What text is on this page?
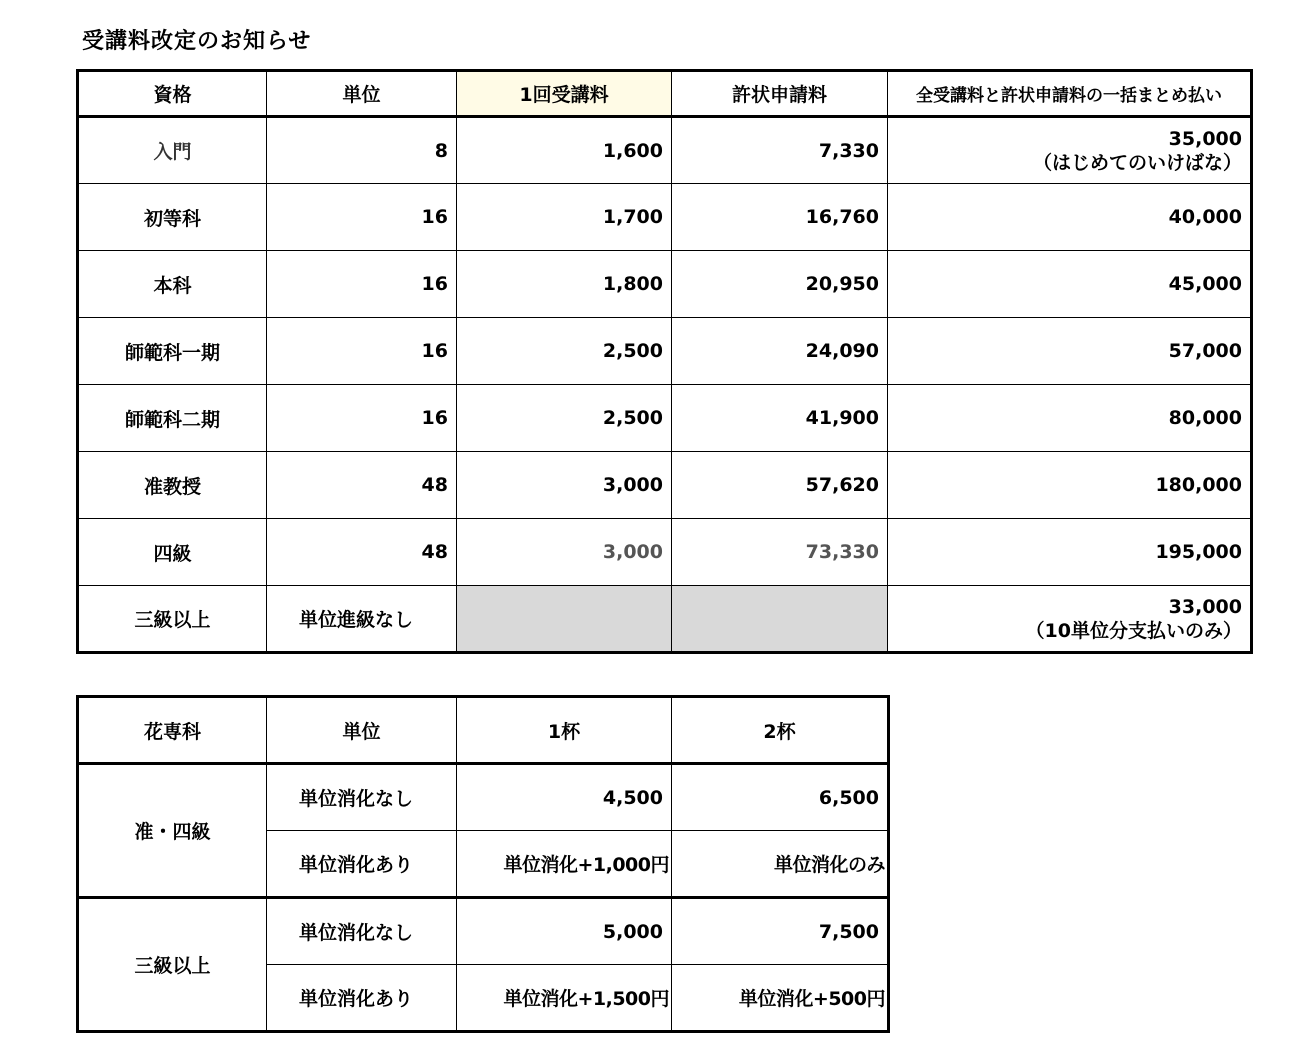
受講料改定のお知らせ
資格	単位	1回受講料	許状申請料	全受講料と許状申請料の一括まとめ払い
入門	8	1,600	7,330	35,000
（はじめてのいけばな）

初等科	16	1,700	16,760	40,000
本科	16	1,800	20,950	45,000
師範科一期	16	2,500	24,090	57,000
師範科二期	16	2,500	41,900	80,000
准教授	48	3,000	57,620	180,000
四級	48	3,000	73,330	195,000
三級以上	単位進級なし			33,000
（10単位分支払いのみ）
花専科	単位	1杯	2杯
准・四級	単位消化なし	4,500	6,500
	単位消化あり	単位消化+1,000円	単位消化のみ
三級以上	単位消化なし	5,000	7,500
	単位消化あり	単位消化+1,500円	単位消化+500円
